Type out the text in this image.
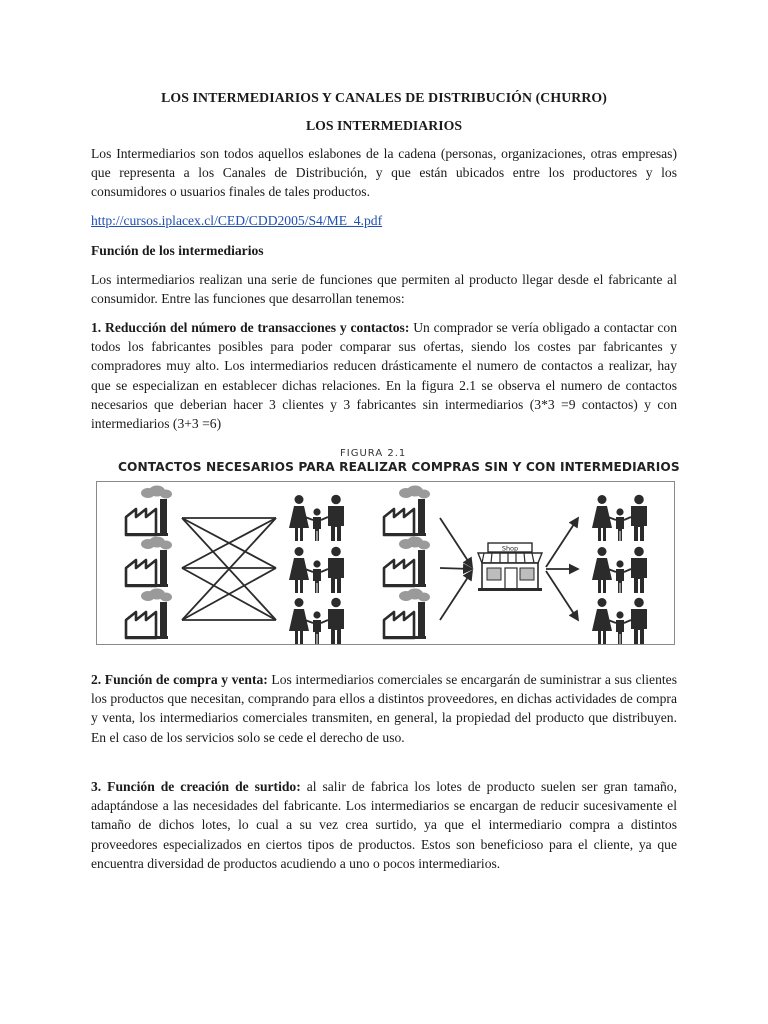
LOS INTERMEDIARIOS Y CANALES DE DISTRIBUCIÓN (CHURRO)
LOS INTERMEDIARIOS
Los Intermediarios son todos aquellos eslabones de la cadena (personas, organizaciones, otras empresas) que representa a los Canales de Distribución, y que están ubicados entre los productores y los consumidores o usuarios finales de tales productos.
http://cursos.iplacex.cl/CED/CDD2005/S4/ME_4.pdf
Función de los intermediarios
Los intermediarios realizan una serie de funciones que permiten al producto llegar desde el fabricante al consumidor. Entre las funciones que desarrollan tenemos:
1. Reducción del número de transacciones y contactos: Un comprador se vería obligado a contactar con todos los fabricantes posibles para poder comparar sus ofertas, siendo los costes par fabricantes y compradores muy alto. Los intermediarios reducen drásticamente el numero de contactos a realizar, hay que se especializan en establecer dichas relaciones. En la figura 2.1 se observa el numero de contactos necesarios que deberian hacer 3 clientes y 3 fabricantes sin intermediarios (3*3 =9 contactos) y con intermediarios (3+3 =6)
FIGURA 2.1
CONTACTOS NECESARIOS PARA REALIZAR COMPRAS SIN Y CON INTERMEDIARIOS
Shop
2. Función de compra y venta: Los intermediarios comerciales se encargarán de suministrar a sus clientes los productos que necesitan, comprando para ellos a distintos proveedores, en dichas actividades de compra y venta, los intermediarios comerciales transmiten, en general, la propiedad del producto que distribuyen. En el caso de los servicios solo se cede el derecho de uso.
3. Función de creación de surtido: al salir de fabrica los lotes de producto suelen ser gran tamaño, adaptándose a las necesidades del fabricante. Los intermediarios se encargan de reducir sucesivamente el tamaño de dichos lotes, lo cual a su vez crea surtido, ya que el intermediario compra a distintos proveedores especializados en ciertos tipos de productos. Estos son beneficioso para el cliente, ya que encuentra diversidad de productos acudiendo a uno o pocos intermediarios.
